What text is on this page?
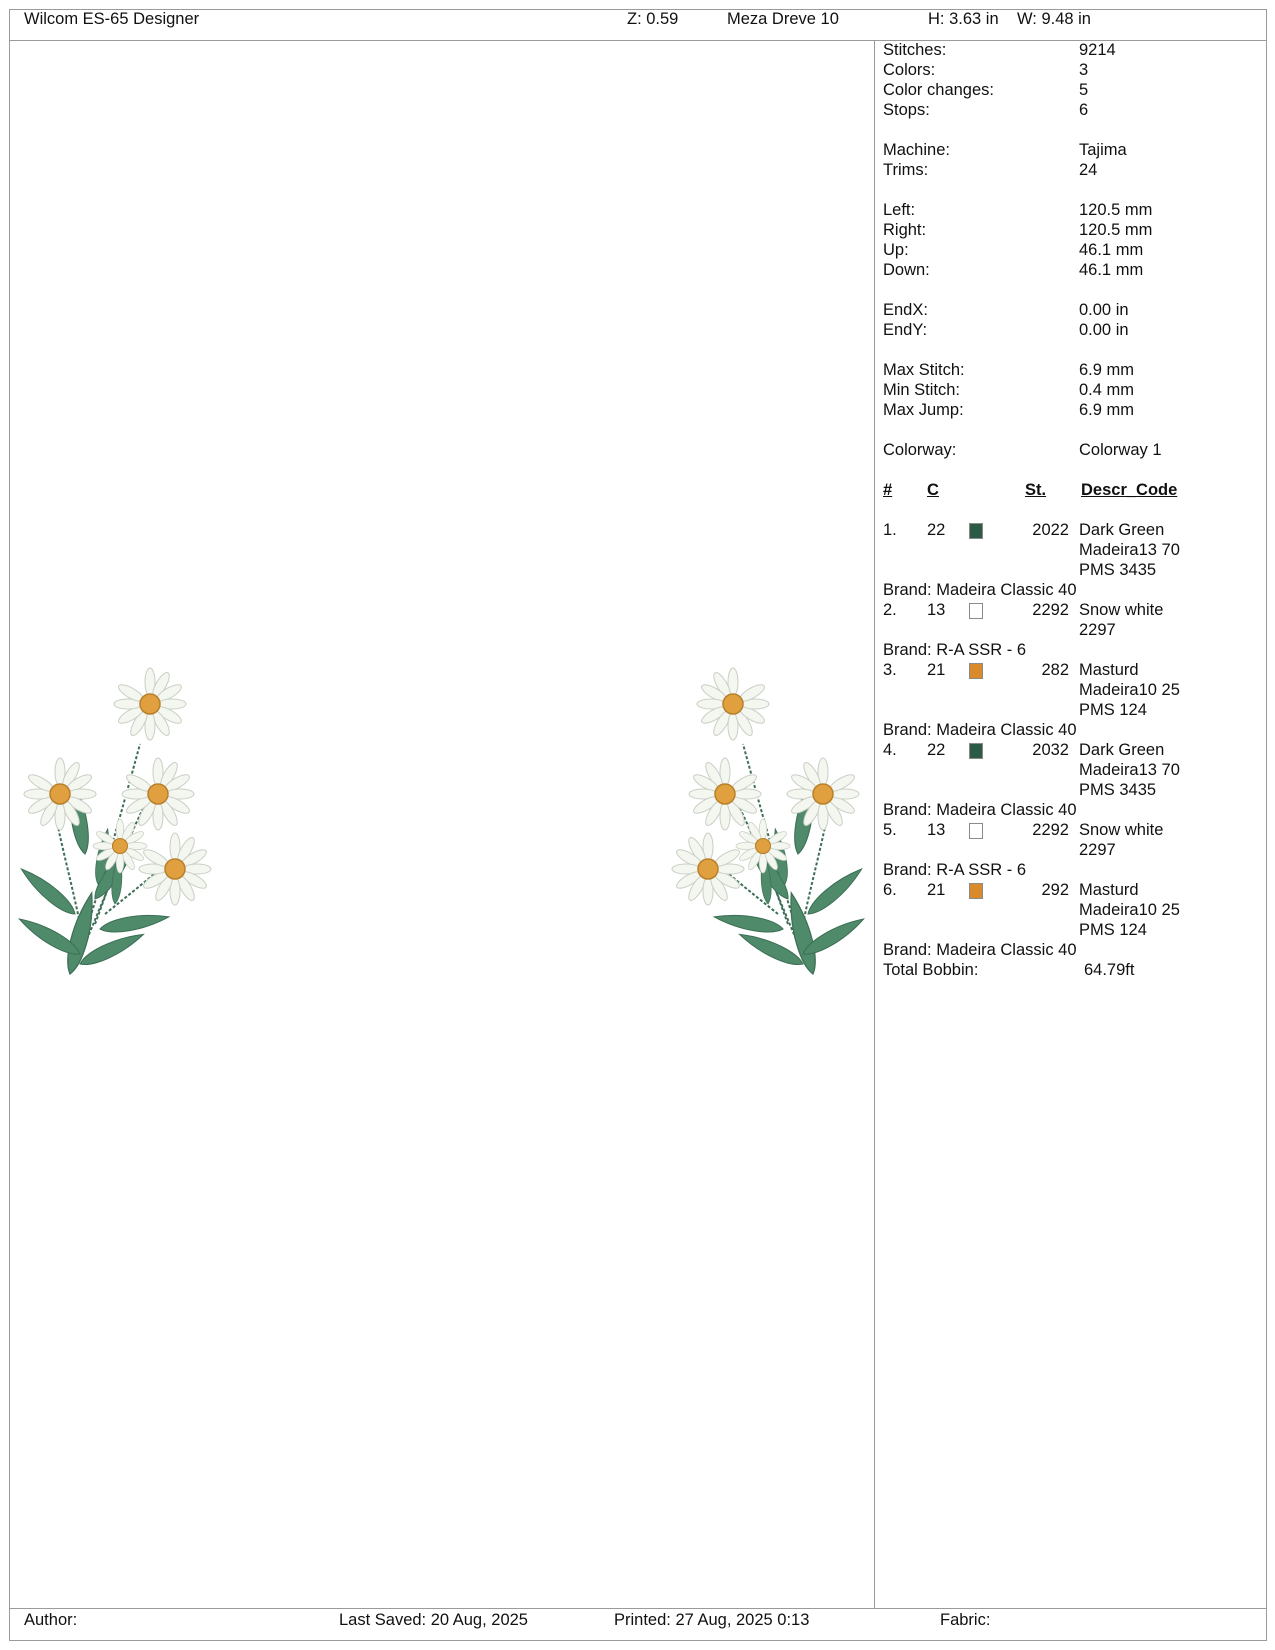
Wilcom ES-65 Designer	Z: 0.59	Meza Dreve 10	H: 3.63 in W: 9.48 in
Stitches:	9214
Colors:	3
Color changes:	5
Stops:	6
Machine:	Tajima
Trims:	24
Left:	120.5 mm
Right:	120.5 mm
Up:	46.1 mm
Down:	46.1 mm
EndX:	0.00 in
EndY:	0.00 in
Max Stitch:	6.9 mm
Min Stitch:	0.4 mm
Max Jump:	6.9 mm
Colorway:	Colorway 1
# C	St. Descr_Code
1. 22	2022 Dark Green
Madeira13 70
PMS 3435
Brand: Madeira Classic 40
2. 13	2292 Snow white
2297
Brand: R-A SSR - 6
3. 21	282 Masturd
Madeira10 25
PMS 124
Brand: Madeira Classic 40
4. 22	2032 Dark Green
Madeira13 70
PMS 3435
Brand: Madeira Classic 40
5. 13	2292 Snow white
2297
Brand: R-A SSR - 6
6. 21	292 Masturd
Madeira10 25
PMS 124
Brand: Madeira Classic 40
Total Bobbin:	64.79ft
Author:	Last Saved: 20 Aug, 2025	Printed: 27 Aug, 2025 0:13	Fabric:
